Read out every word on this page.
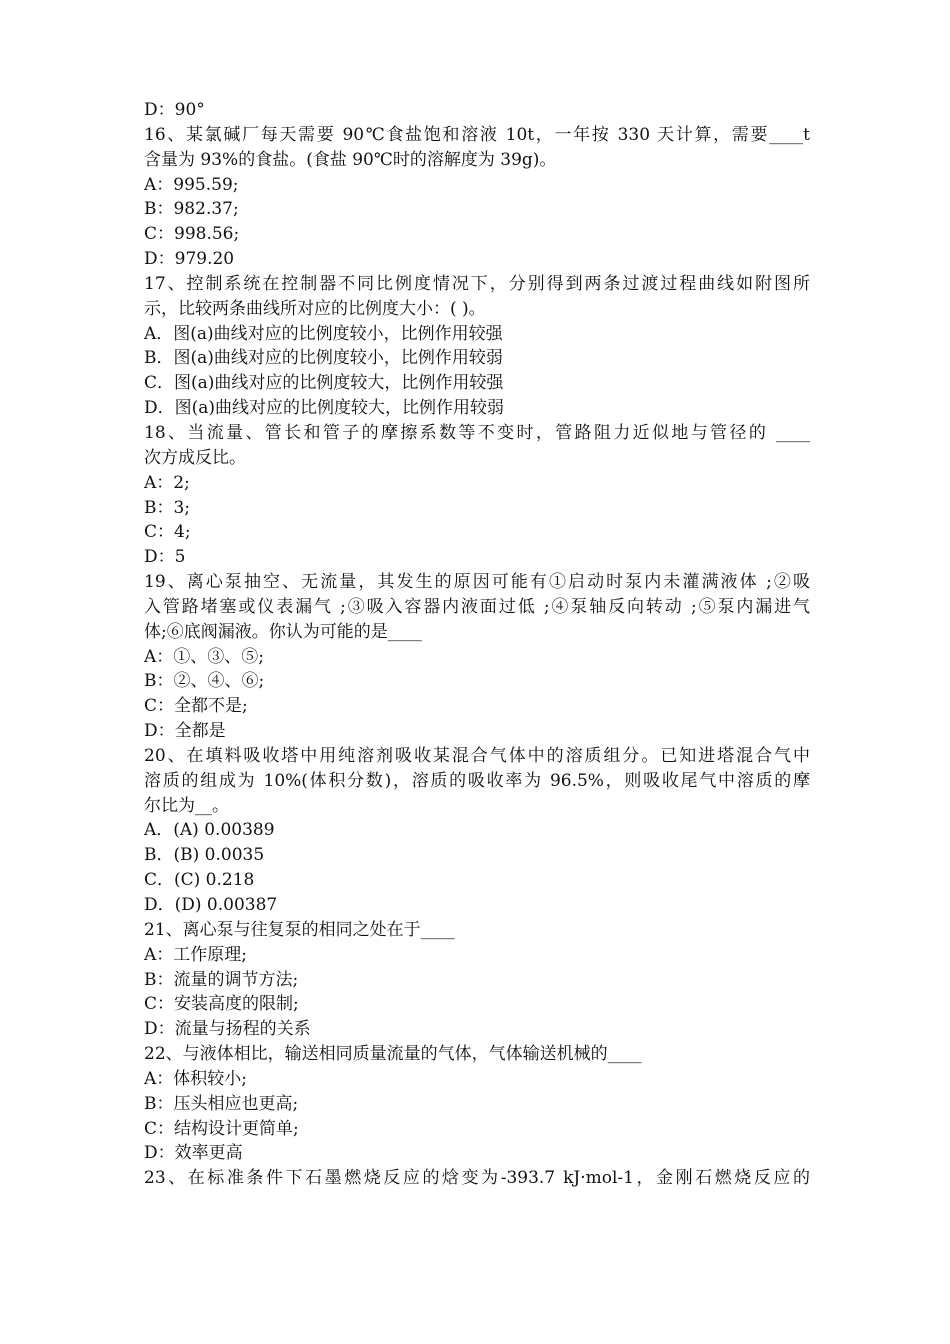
D：90°
16、某氯碱厂每天需要 90℃食盐饱和溶液 10t，一年按 330 天计算，需要____t
含量为 93%的食盐。(食盐 90℃时的溶解度为 39g)。
A：995.59;
B：982.37;
C：998.56;
D：979.20
17、控制系统在控制器不同比例度情况下，分别得到两条过渡过程曲线如附图所
示，比较两条曲线所对应的比例度大小：( )。
A．图(a)曲线对应的比例度较小，比例作用较强
B．图(a)曲线对应的比例度较小，比例作用较弱
C．图(a)曲线对应的比例度较大，比例作用较强
D．图(a)曲线对应的比例度较大，比例作用较弱
18、当流量、管长和管子的摩擦系数等不变时，管路阻力近似地与管径的 ____
次方成反比。
A：2;
B：3;
C：4;
D：5
19、离心泵抽空、无流量，其发生的原因可能有①启动时泵内未灌满液体 ;②吸
入管路堵塞或仪表漏气 ;③吸入容器内液面过低 ;④泵轴反向转动 ;⑤泵内漏进气
体;⑥底阀漏液。你认为可能的是____
A：①、③、⑤;
B：②、④、⑥;
C：全都不是;
D：全都是
20、在填料吸收塔中用纯溶剂吸收某混合气体中的溶质组分。已知进塔混合气中
溶质的组成为 10%(体积分数)，溶质的吸收率为 96.5%，则吸收尾气中溶质的摩
尔比为__。
A．(A) 0.00389
B．(B) 0.0035
C．(C) 0.218
D．(D) 0.00387
21、离心泵与往复泵的相同之处在于____
A：工作原理;
B：流量的调节方法;
C：安装高度的限制;
D：流量与扬程的关系
22、与液体相比，输送相同质量流量的气体，气体输送机械的____
A：体积较小;
B：压头相应也更高;
C：结构设计更简单;
D：效率更高
23、在标准条件下石墨燃烧反应的焓变为-393.7 kJ·mol-1，金刚石燃烧反应的
